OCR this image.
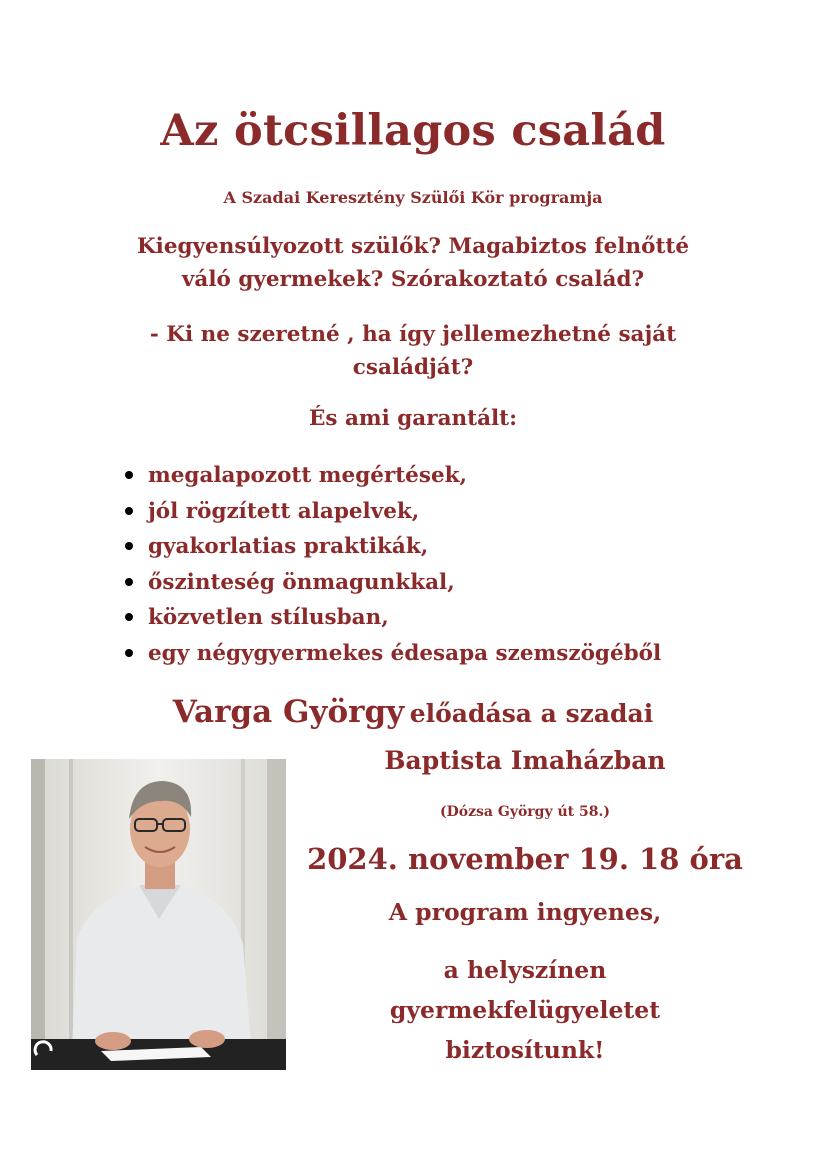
Az ötcsillagos család
A Szadai Keresztény Szülői Kör programja
Kiegyensúlyozott szülők? Magabiztos felnőtté
váló gyermekek? Szórakoztató család?
- Ki ne szeretné , ha így jellemezhetné saját
családját?
És ami garantált:
megalapozott megértések,
jól rögzített alapelvek,
gyakorlatias praktikák,
őszinteség önmagunkkal,
közvetlen stílusban,
egy négygyermekes édesapa szemszögéből
Varga György előadása a szadai
Baptista Imaházban
(Dózsa György út 58.)
2024. november 19. 18 óra
A program ingyenes,
a helyszínen
gyermekfelügyeletet
biztosítunk!
